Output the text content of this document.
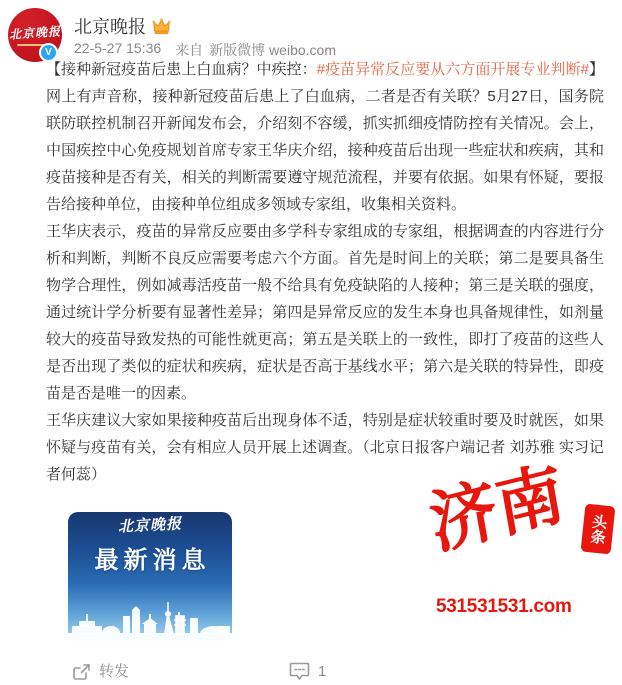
北京晚报
V
北京晚报
22-5-27 15:36 来自 新版微博 weibo.com

【接种新冠疫苗后患上白血病？中疾控：#疫苗异常反应要从六方面开展专业判断#】网上有声音称，接种新冠疫苗后患上了白血病，二者是否有关联？5月27日，国务院联防联控机制召开新闻发布会，介绍刻不容缓，抓实抓细疫情防控有关情况。会上，中国疾控中心免疫规划首席专家王华庆介绍，接种疫苗后出现一些症状和疾病，其和疫苗接种是否有关，相关的判断需要遵守规范流程，并要有依据。如果有怀疑，要报告给接种单位，由接种单位组成多领域专家组，收集相关资料。

王华庆表示，疫苗的异常反应要由多学科专家组成的专家组，根据调查的内容进行分析和判断，判断不良反应需要考虑六个方面。首先是时间上的关联；第二是要具备生物学合理性，例如减毒活疫苗一般不给具有免疫缺陷的人接种；第三是关联的强度，通过统计学分析要有显著性差异；第四是异常反应的发生本身也具备规律性，如剂量较大的疫苗导致发热的可能性就更高；第五是关联上的一致性，即打了疫苗的这些人是否出现了类似的症状和疾病，症状是否高于基线水平；第六是关联的特异性，即疫苗是否是唯一的因素。

王华庆建议大家如果接种疫苗后出现身体不适，特别是症状较重时要及时就医，如果怀疑与疫苗有关，会有相应人员开展上述调查。（北京日报客户端记者 刘苏雅 实习记者何蕊）

北京晚报
最新消息
转发	1
济南 头条
531531531.com
